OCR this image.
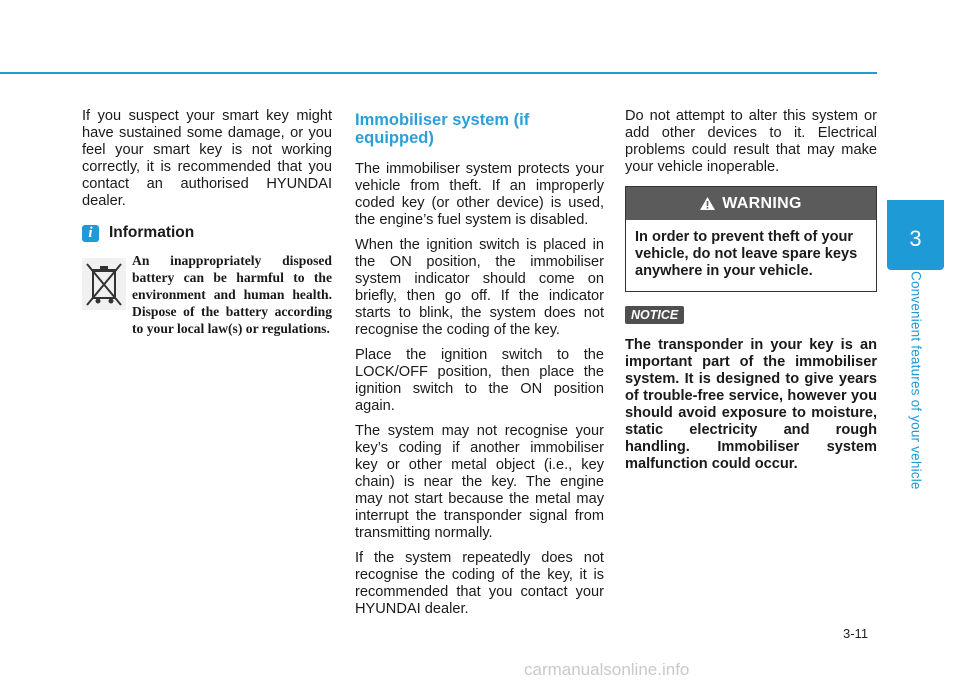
If you suspect your smart key might have sustained some damage, or you feel your smart key is not working correctly, it is recommended that you contact an authorised HYUNDAI dealer.

i	Information

An inappropriately disposed battery can be harmful to the environment and human health. Dispose of the battery according to your local law(s) or regulations.

Immobiliser system (if equipped)

The immobiliser system protects your vehicle from theft. If an improperly coded key (or other device) is used, the engine’s fuel system is disabled.

When the ignition switch is placed in the ON position, the immobiliser system indicator should come on briefly, then go off. If the indicator starts to blink, the system does not recognise the coding of the key.

Place the ignition switch to the LOCK/OFF position, then place the ignition switch to the ON position again.

The system may not recognise your key’s coding if another immobiliser key or other metal object (i.e., key chain) is near the key. The engine may not start because the metal may interrupt the transponder signal from transmitting normally.

If the system repeatedly does not recognise the coding of the key, it is recommended that you contact your HYUNDAI dealer.

Do not attempt to alter this system or add other devices to it. Electrical problems could result that may make your vehicle inoperable.

WARNING
In order to prevent theft of your vehicle, do not leave spare keys anywhere in your vehicle.
NOTICE
The transponder in your key is an important part of the immobiliser system. It is designed to give years of trouble-free service, however you should avoid exposure to moisture, static electricity and rough handling. Immobiliser system malfunction could occur.
3
Convenient features of your vehicle
3-11
carmanualsonline.info
